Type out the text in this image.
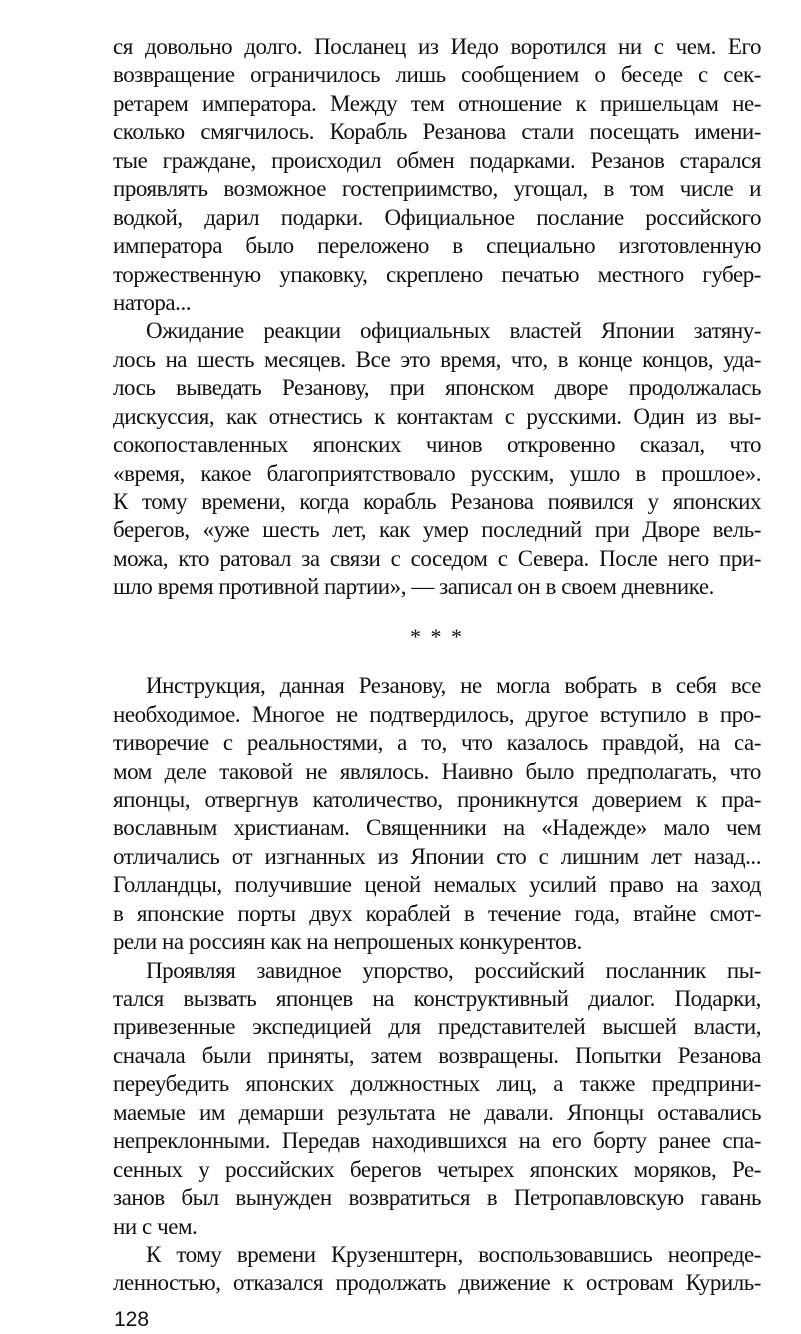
ся довольно долго. Посланец из Иедо воротился ни с чем. Его
возвращение ограничилось лишь сообщением о беседе с сек-
ретарем императора. Между тем отношение к пришельцам не-
сколько смягчилось. Корабль Резанова стали посещать имени-
тые граждане, происходил обмен подарками. Резанов старался
проявлять возможное гостеприимство, угощал, в том числе и
водкой, дарил подарки. Официальное послание российского
императора было переложено в специально изготовленную
торжественную упаковку, скреплено печатью местного губер-
натора...
Ожидание реакции официальных властей Японии затяну-
лось на шесть месяцев. Все это время, что, в конце концов, уда-
лось выведать Резанову, при японском дворе продолжалась
дискуссия, как отнестись к контактам с русскими. Один из вы-
сокопоставленных японских чинов откровенно сказал, что
«время, какое благоприятствовало русским, ушло в прошлое».
К тому времени, когда корабль Резанова появился у японских
берегов, «уже шесть лет, как умер последний при Дворе вель-
можа, кто ратовал за связи с соседом с Севера. После него при-
шло время противной партии», — записал он в своем дневнике.
* * *
Инструкция, данная Резанову, не могла вобрать в себя все
необходимое. Многое не подтвердилось, другое вступило в про-
тиворечие с реальностями, а то, что казалось правдой, на са-
мом деле таковой не являлось. Наивно было предполагать, что
японцы, отвергнув католичество, проникнутся доверием к пра-
вославным христианам. Священники на «Надежде» мало чем
отличались от изгнанных из Японии сто с лишним лет назад...
Голландцы, получившие ценой немалых усилий право на заход
в японские порты двух кораблей в течение года, втайне смот-
рели на россиян как на непрошеных конкурентов.
Проявляя завидное упорство, российский посланник пы-
тался вызвать японцев на конструктивный диалог. Подарки,
привезенные экспедицией для представителей высшей власти,
сначала были приняты, затем возвращены. Попытки Резанова
переубедить японских должностных лиц, а также предприни-
маемые им демарши результата не давали. Японцы оставались
непреклонными. Передав находившихся на его борту ранее спа-
сенных у российских берегов четырех японских моряков, Ре-
занов был вынужден возвратиться в Петропавловскую гавань
ни с чем.
К тому времени Крузенштерн, воспользовавшись неопреде-
ленностью, отказался продолжать движение к островам Куриль-
128
